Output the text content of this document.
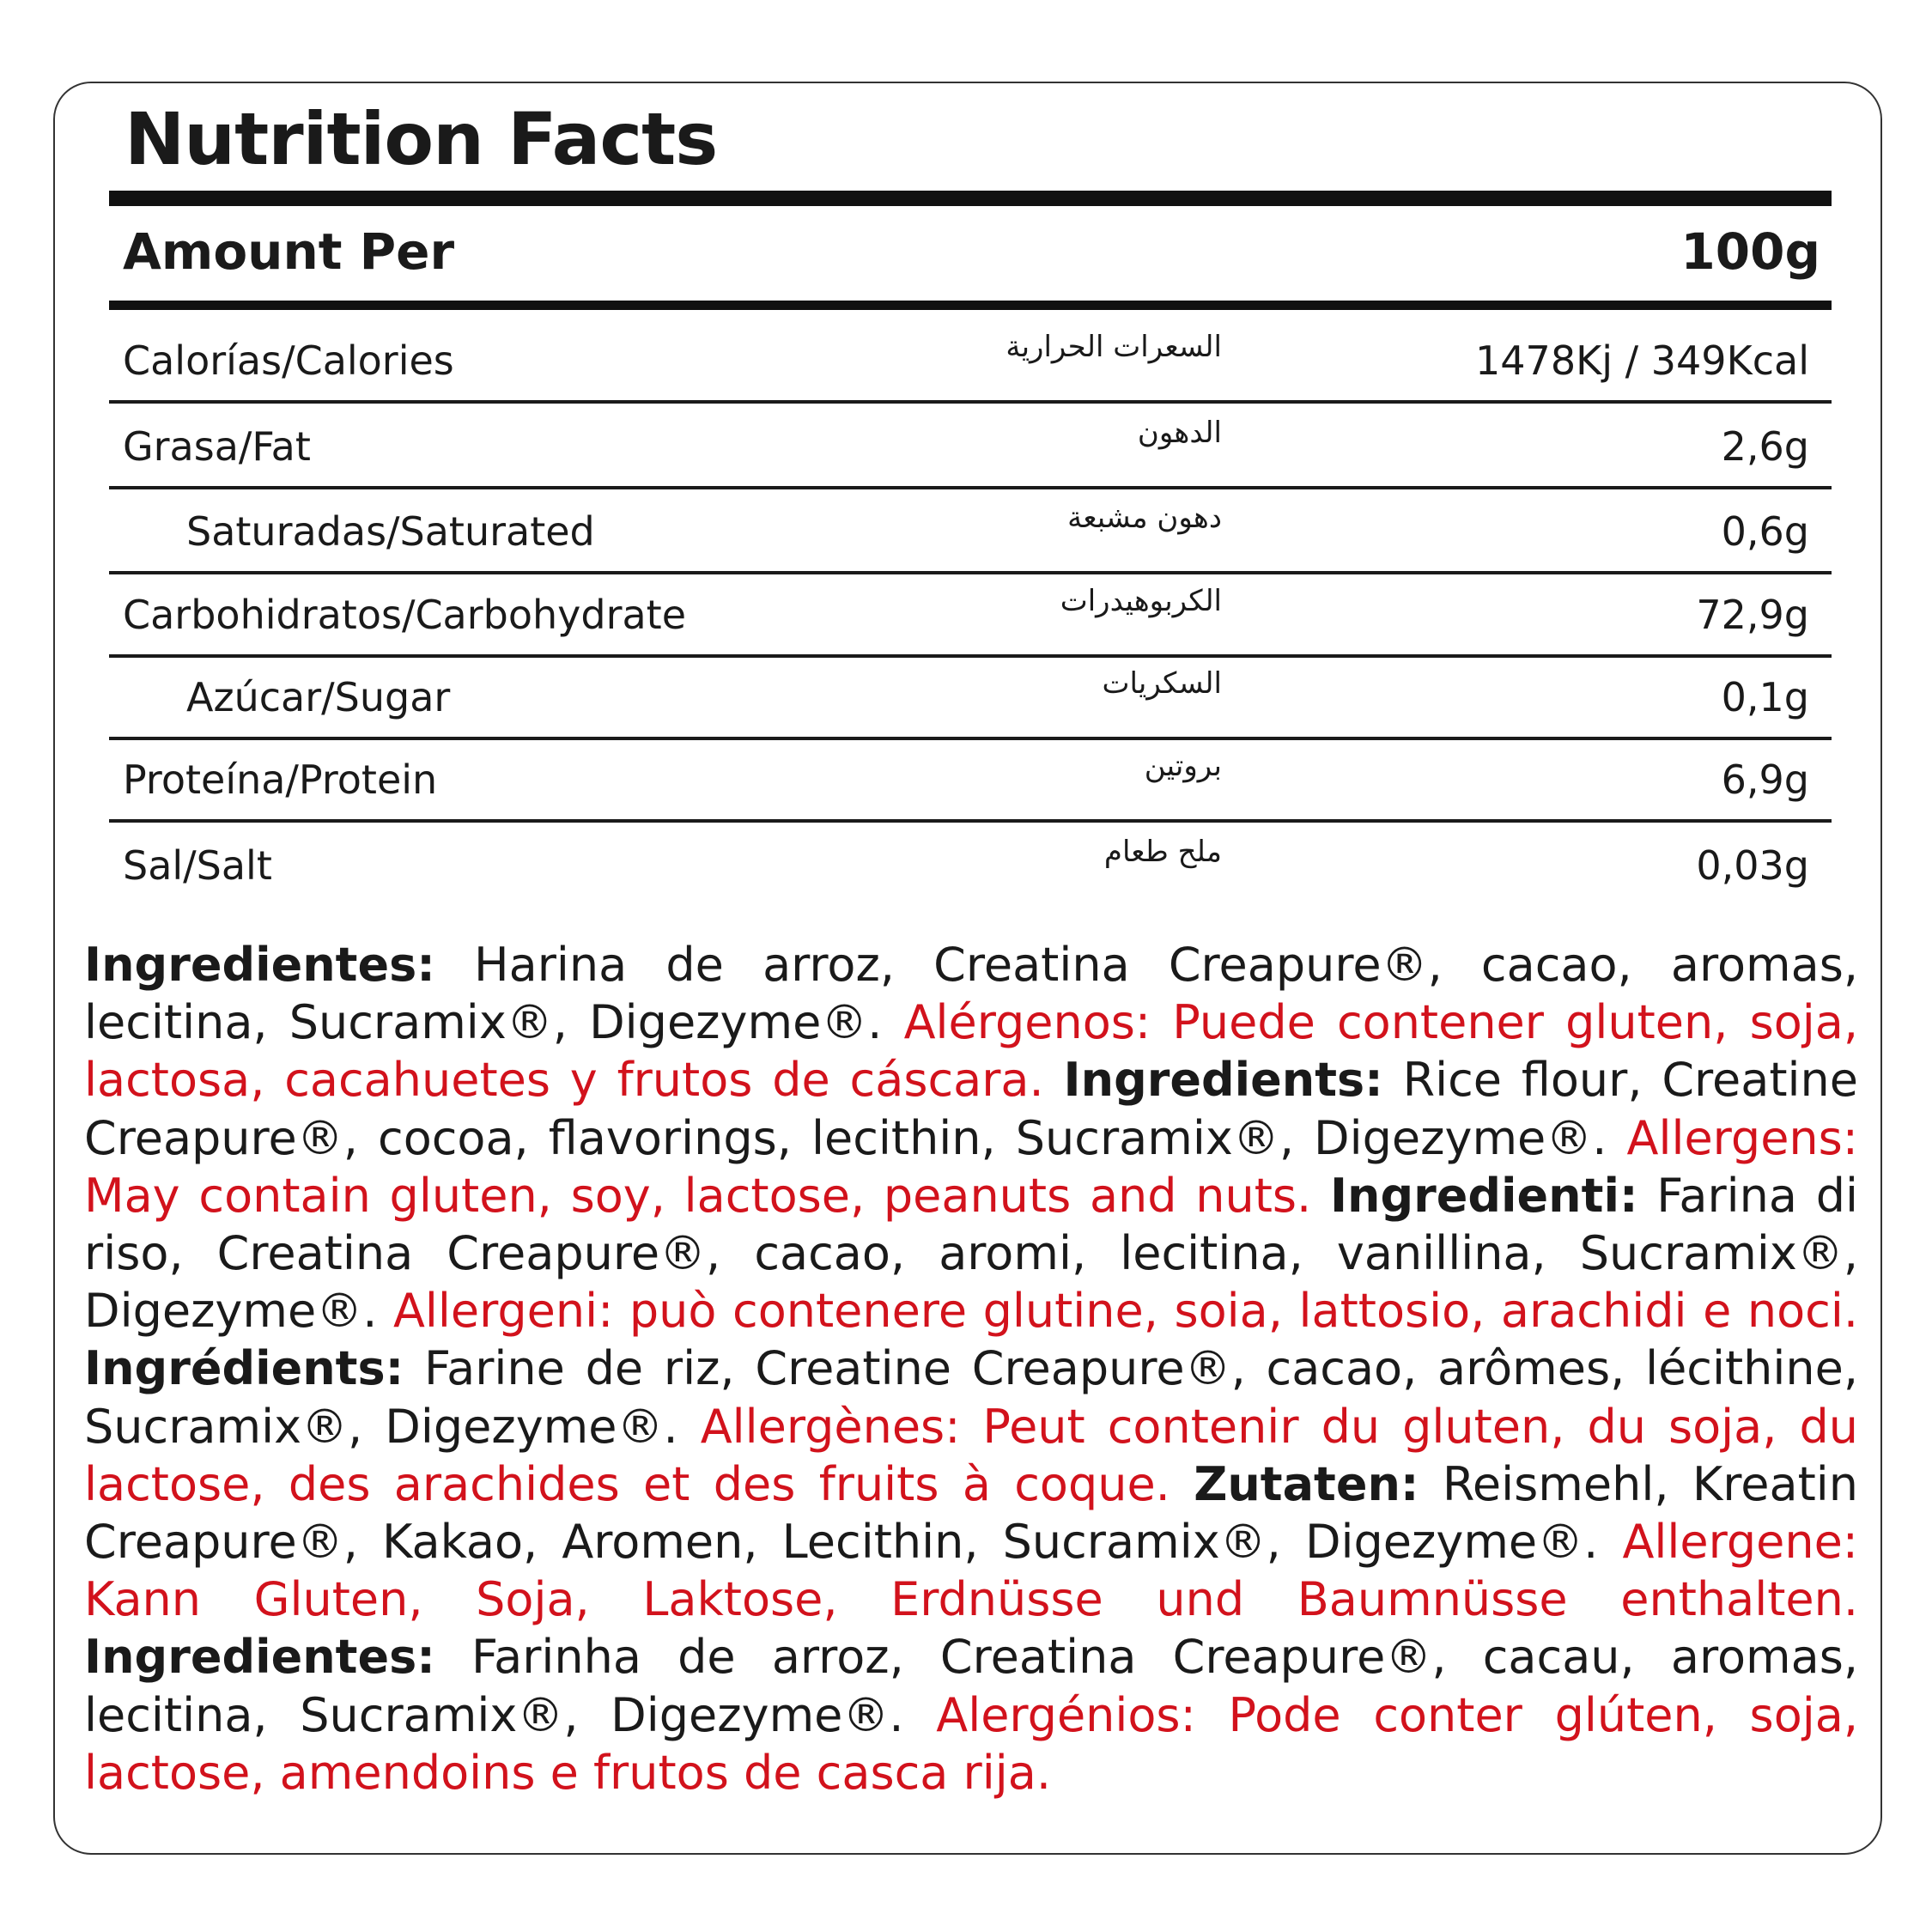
Nutrition Facts
Amount Per	100g
Calorías/Calories	السعرات الحرارية	1478Kj / 349Kcal
Grasa/Fat	الدهون	2,6g
Saturadas/Saturated	دهون مشبعة	0,6g
Carbohidratos/Carbohydrate	الكربوهيدرات	72,9g
Azúcar/Sugar	السكريات	0,1g
Proteína/Protein	بروتين	6,9g
Sal/Salt	ملح طعام	0,03g

Ingredientes: Harina de arroz, Creatina Creapure®, cacao, aromas, lecitina, Sucramix®, Digezyme®. Alérgenos: Puede contener gluten, soja, lactosa, cacahuetes y frutos de cáscara. Ingredients: Rice flour, Creatine Creapure®, cocoa, flavorings, lecithin, Sucramix®, Digezyme®. Allergens: May contain gluten, soy, lactose, peanuts and nuts. Ingredienti: Farina di riso, Creatina Creapure®, cacao, aromi, lecitina, vanillina, Sucramix®, Digezyme®. Allergeni: può contenere glutine, soia, lattosio, arachidi e noci. Ingrédients: Farine de riz, Creatine Creapure®, cacao, arômes, lécithine, Sucramix®, Digezyme®. Allergènes: Peut contenir du gluten, du soja, du lactose, des arachides et des fruits à coque. Zutaten: Reismehl, Kreatin Creapure®, Kakao, Aromen, Lecithin, Sucramix®, Digezyme®. Allergene: Kann Gluten, Soja, Laktose, Erdnüsse und Baumnüsse enthalten. Ingredientes: Farinha de arroz, Creatina Creapure®, cacau, aromas, lecitina, Sucramix®, Digezyme®. Alergénios: Pode conter glúten, soja, lactose, amendoins e frutos de casca rija.
